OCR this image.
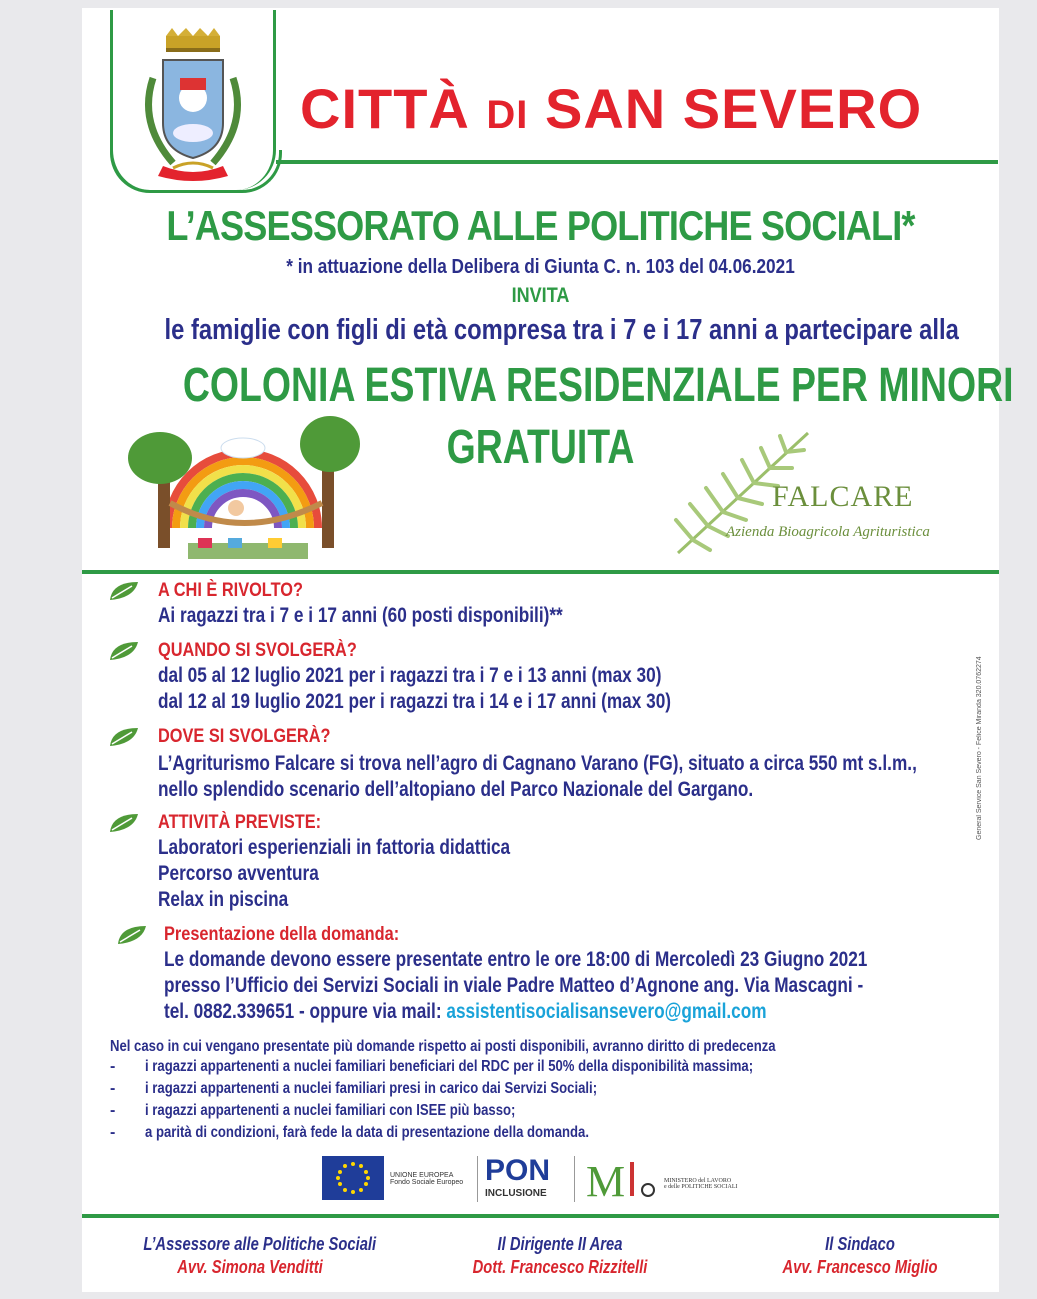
CITTÀ DI SAN SEVERO
L’ASSESSORATO ALLE POLITICHE SOCIALI*
* in attuazione della Delibera di Giunta C. n. 103 del 04.06.2021
INVITA
le famiglie con figli di età compresa tra i 7 e i 17 anni a partecipare alla
COLONIA ESTIVA RESIDENZIALE PER MINORI
GRATUITA
FALCARE
Azienda Bioagricola Agrituristica
A CHI È RIVOLTO?
Ai ragazzi tra i 7 e i 17 anni (60 posti disponibili)**
QUANDO SI SVOLGERÀ?
dal 05 al 12 luglio 2021 per i ragazzi tra i 7 e i 13 anni (max 30)
dal 12 al 19 luglio 2021 per i ragazzi tra i 14 e i 17 anni (max 30)
DOVE SI SVOLGERÀ?
L’Agriturismo Falcare si trova nell’agro di Cagnano Varano (FG), situato a circa 550 mt s.l.m.,
nello splendido scenario dell’altopiano del Parco Nazionale del Gargano.
ATTIVITÀ PREVISTE:
Laboratori esperienziali in fattoria didattica
Percorso avventura
Relax in piscina
Presentazione della domanda:
Le domande devono essere presentate entro le ore 18:00 di Mercoledì 23 Giugno 2021
presso l’Ufficio dei Servizi Sociali in viale Padre Matteo d’Agnone ang. Via Mascagni -
tel. 0882.339651 - oppure via mail: assistentisocialisansevero@gmail.com
Nel caso in cui vengano presentate più domande rispetto ai posti disponibili, avranno diritto di predecenza
- i ragazzi appartenenti a nuclei familiari beneficiari del RDC per il 50% della disponibilità massima;
- i ragazzi appartenenti a nuclei familiari presi in carico dai Servizi Sociali;
- i ragazzi appartenenti a nuclei familiari con ISEE più basso;
- a parità di condizioni, farà fede la data di presentazione della domanda.
General Service San Severo - Felice Miranda 320.0762274
UNIONE EUROPEA
Fondo Sociale Europeo PON
INCLUSIONE M	MINISTERO del LAVORO
e delle POLITICHE SOCIALI
L’Assessore alle Politiche Sociali
Avv. Simona Venditti
Il Dirigente II Area
Dott. Francesco Rizzitelli
Il Sindaco
Avv. Francesco Miglio
